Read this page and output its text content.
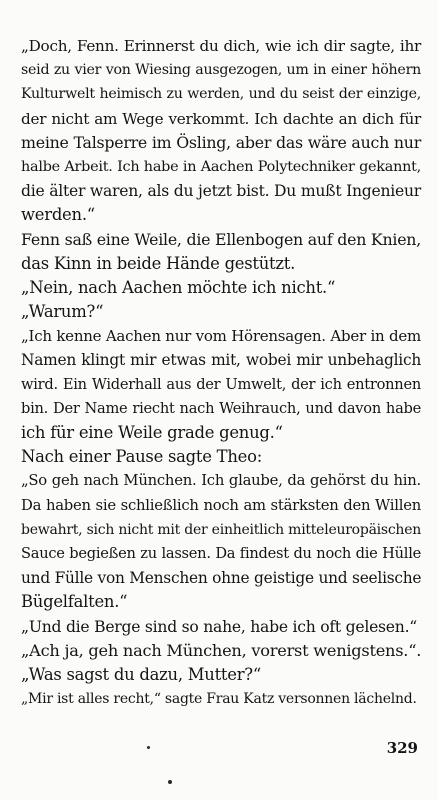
„Doch, Fenn. Erinnerst du dich, wie ich dir sagte, ihr
seid zu vier von Wiesing ausgezogen, um in einer höhern
Kulturwelt heimisch zu werden, und du seist der einzige,
der nicht am Wege verkommt. Ich dachte an dich für
meine Talsperre im Ösling, aber das wäre auch nur
halbe Arbeit. Ich habe in Aachen Polytechniker gekannt,
die älter waren, als du jetzt bist. Du mußt Ingenieur
werden.“
Fenn saß eine Weile, die Ellenbogen auf den Knien,
das Kinn in beide Hände gestützt.
„Nein, nach Aachen möchte ich nicht.“
„Warum?“
„Ich kenne Aachen nur vom Hörensagen. Aber in dem
Namen klingt mir etwas mit, wobei mir unbehaglich
wird. Ein Widerhall aus der Umwelt, der ich entronnen
bin. Der Name riecht nach Weihrauch, und davon habe
ich für eine Weile grade genug.“
Nach einer Pause sagte Theo:
„So geh nach München. Ich glaube, da gehörst du hin.
Da haben sie schließlich noch am stärksten den Willen
bewahrt, sich nicht mit der einheitlich mitteleuropäischen
Sauce begießen zu lassen. Da findest du noch die Hülle
und Fülle von Menschen ohne geistige und seelische
Bügelfalten.“
„Und die Berge sind so nahe, habe ich oft gelesen.“
„Ach ja, geh nach München, vorerst wenigstens.“.
„Was sagst du dazu, Mutter?“
„Mir ist alles recht,“ sagte Frau Katz versonnen lächelnd.
329
